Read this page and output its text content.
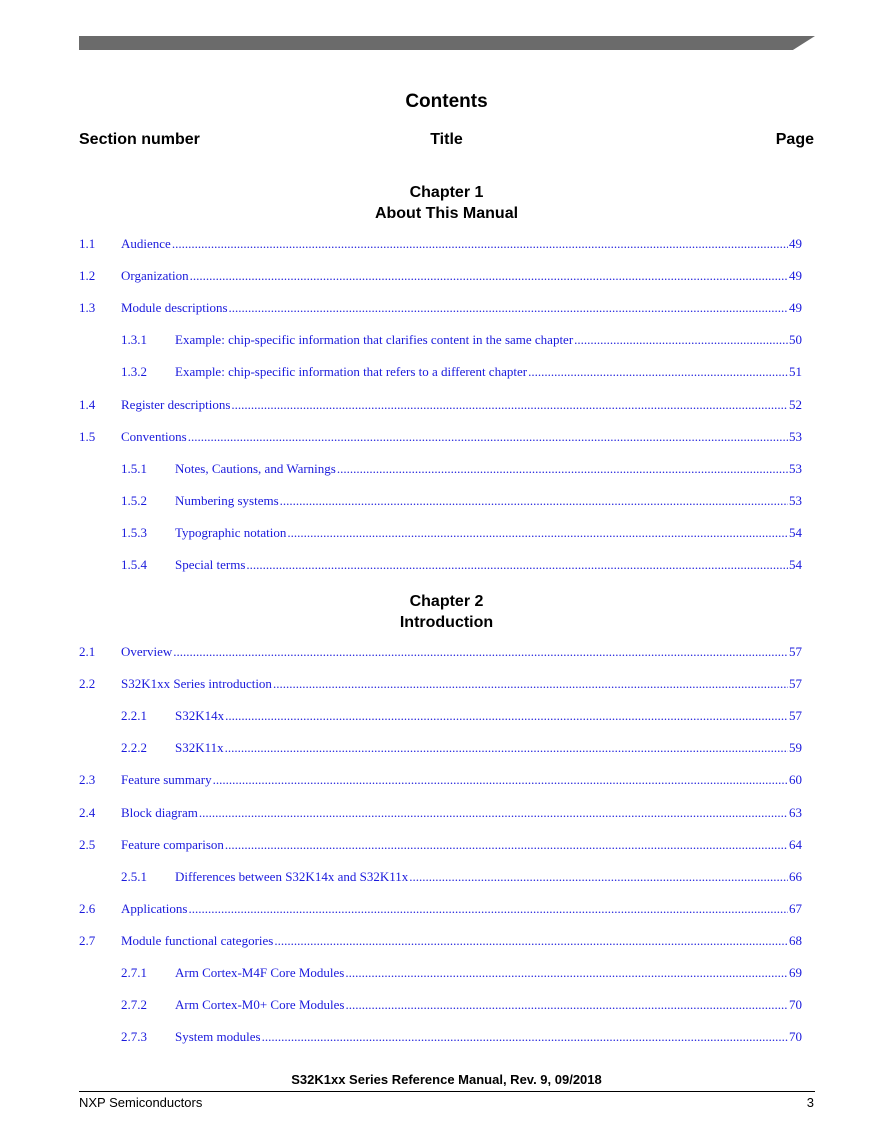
Contents
Section number	Title	Page
Chapter 1
About This Manual
1.1 Audience .....	49
1.2 Organization .....	49
1.3 Module descriptions .....	49
1.3.1 Example: chip-specific information that clarifies content in the same chapter .....	50
1.3.2 Example: chip-specific information that refers to a different chapter .....	51
1.4 Register descriptions .....	52
1.5 Conventions .....	53
1.5.1 Notes, Cautions, and Warnings .....	53
1.5.2 Numbering systems .....	53
1.5.3 Typographic notation .....	54
1.5.4 Special terms .....	54
Chapter 2
Introduction
2.1 Overview .....	57
2.2 S32K1xx Series introduction .....	57
2.2.1 S32K14x .....	57
2.2.2 S32K11x .....	59
2.3 Feature summary .....	60
2.4 Block diagram .....	63
2.5 Feature comparison .....	64
2.5.1 Differences between S32K14x and S32K11x .....	66
2.6 Applications .....	67
2.7 Module functional categories .....	68
2.7.1 Arm Cortex-M4F Core Modules .....	69
2.7.2 Arm Cortex-M0+ Core Modules .....	70
2.7.3 System modules .....	70
S32K1xx Series Reference Manual, Rev. 9, 09/2018
NXP Semiconductors	3
